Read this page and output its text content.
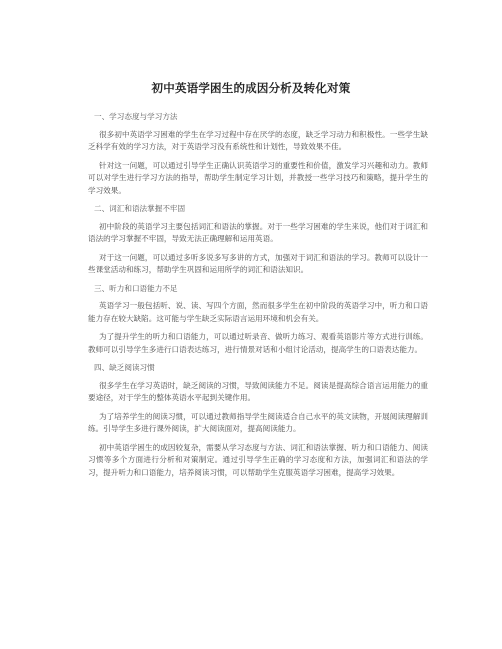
初中英语学困生的成因分析及转化对策
一、学习态度与学习方法

很多初中英语学习困难的学生在学习过程中存在厌学的态度，缺乏学习动力和积极性。一些学生缺乏科学有效的学习方法，对于英语学习没有系统性和计划性，导致效果不佳。

针对这一问题，可以通过引导学生正确认识英语学习的重要性和价值，激发学习兴趣和动力。教师可以对学生进行学习方法的指导，帮助学生制定学习计划，并教授一些学习技巧和策略，提升学生的学习效果。

二、词汇和语法掌握不牢固

初中阶段的英语学习主要包括词汇和语法的掌握。对于一些学习困难的学生来说，他们对于词汇和语法的学习掌握不牢固，导致无法正确理解和运用英语。

对于这一问题，可以通过多听多说多写多讲的方式，加强对于词汇和语法的学习。教师可以设计一些课堂活动和练习，帮助学生巩固和运用所学的词汇和语法知识。

三、听力和口语能力不足

英语学习一般包括听、说、读、写四个方面，然而很多学生在初中阶段的英语学习中，听力和口语能力存在较大缺陷。这可能与学生缺乏实际语言运用环境和机会有关。

为了提升学生的听力和口语能力，可以通过听录音、做听力练习、观看英语影片等方式进行训练。教师可以引导学生多进行口语表达练习，进行情景对话和小组讨论活动，提高学生的口语表达能力。

四、缺乏阅读习惯

很多学生在学习英语时，缺乏阅读的习惯，导致阅读能力不足。阅读是提高综合语言运用能力的重要途径，对于学生的整体英语水平起到关键作用。

为了培养学生的阅读习惯，可以通过教师指导学生阅读适合自己水平的英文读物，开展阅读理解训练。引导学生多进行课外阅读，扩大阅读面对，提高阅读能力。

初中英语学困生的成因较复杂，需要从学习态度与方法、词汇和语法掌握、听力和口语能力、阅读习惯等多个方面进行分析和对策制定。通过引导学生正确的学习态度和方法，加强词汇和语法的学习，提升听力和口语能力，培养阅读习惯，可以帮助学生克服英语学习困难，提高学习效果。
